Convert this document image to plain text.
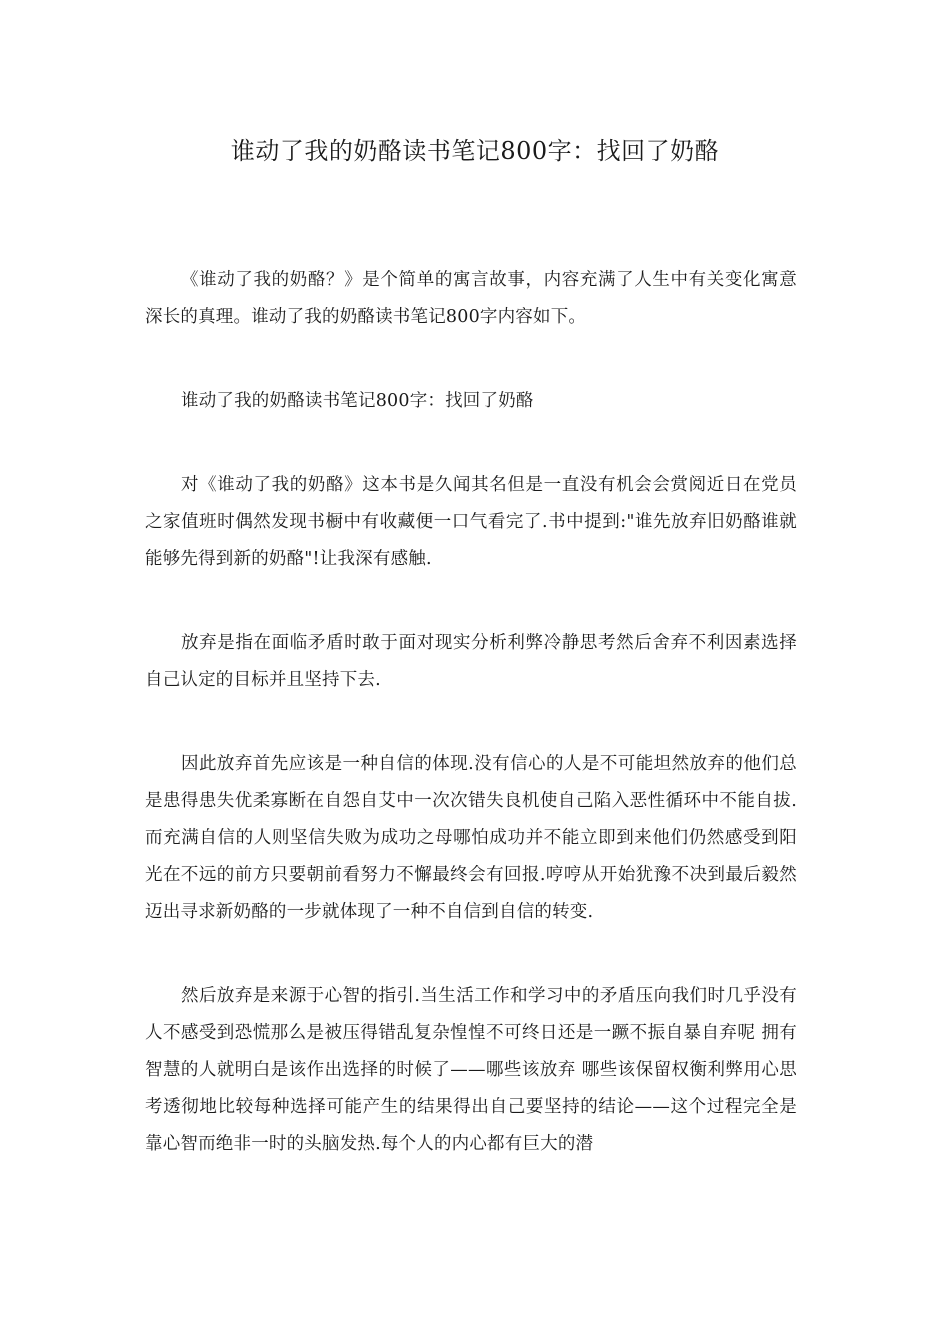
谁动了我的奶酪读书笔记800字：找回了奶酪

《谁动了我的奶酪？》是个简单的寓言故事，内容充满了人生中有关变化寓意深长的真理。谁动了我的奶酪读书笔记800字内容如下。

谁动了我的奶酪读书笔记800字：找回了奶酪

对《谁动了我的奶酪》这本书是久闻其名但是一直没有机会会赏阅近日在党员之家值班时偶然发现书橱中有收藏便一口气看完了.书中提到:"谁先放弃旧奶酪谁就能够先得到新的奶酪"!让我深有感触.

放弃是指在面临矛盾时敢于面对现实分析利弊冷静思考然后舍弃不利因素选择自己认定的目标并且坚持下去.

因此放弃首先应该是一种自信的体现.没有信心的人是不可能坦然放弃的他们总是患得患失优柔寡断在自怨自艾中一次次错失良机使自己陷入恶性循环中不能自拔.而充满自信的人则坚信失败为成功之母哪怕成功并不能立即到来他们仍然感受到阳光在不远的前方只要朝前看努力不懈最终会有回报.哼哼从开始犹豫不决到最后毅然迈出寻求新奶酪的一步就体现了一种不自信到自信的转变.

然后放弃是来源于心智的指引.当生活工作和学习中的矛盾压向我们时几乎没有人不感受到恐慌那么是被压得错乱复杂惶惶不可终日还是一蹶不振自暴自弃呢 拥有智慧的人就明白是该作出选择的时候了——哪些该放弃 哪些该保留权衡利弊用心思考透彻地比较每种选择可能产生的结果得出自己要坚持的结论——这个过程完全是靠心智而绝非一时的头脑发热.每个人的内心都有巨大的潜
